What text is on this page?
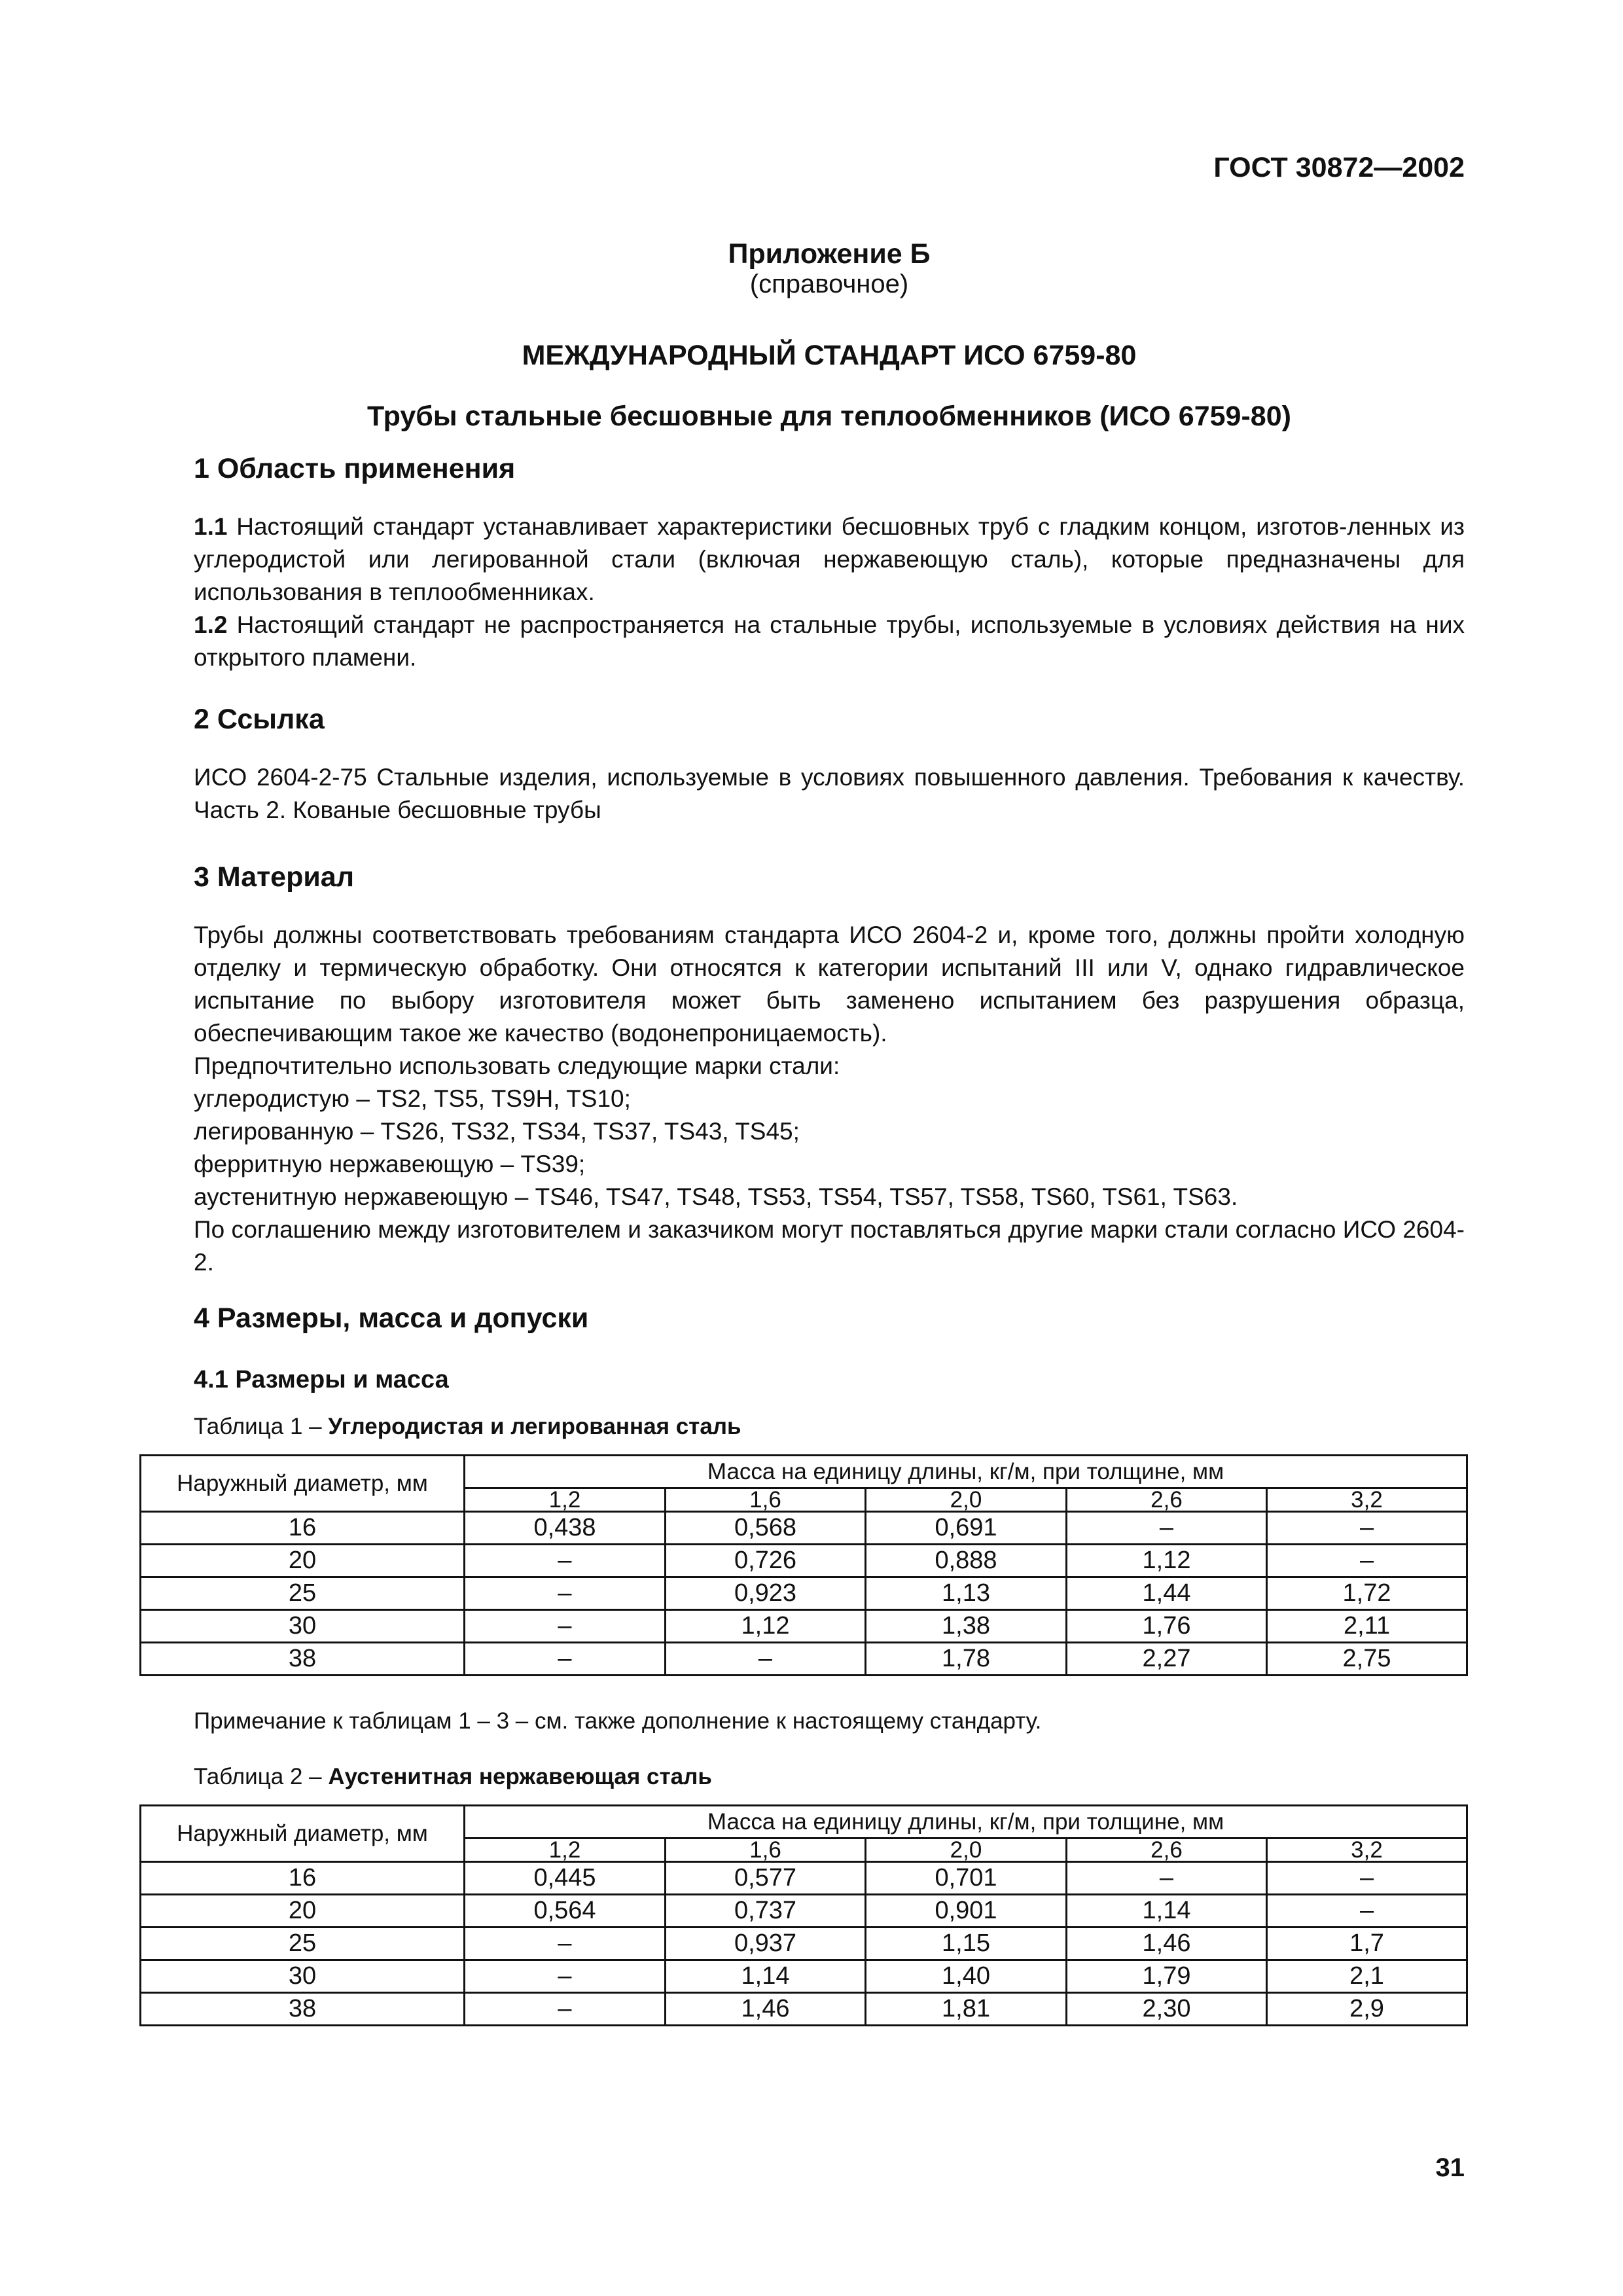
ГОСТ 30872—2002
Приложение Б
(справочное)
МЕЖДУНАРОДНЫЙ СТАНДАРТ ИСО 6759-80
Трубы стальные бесшовные для теплообменников (ИСО 6759-80)
1 Область применения

1.1 Настоящий стандарт устанавливает характеристики бесшовных труб с гладким концом, изготов-ленных из углеродистой или легированной стали (включая нержавеющую сталь), которые предназначены для использования в теплообменниках.

1.2 Настоящий стандарт не распространяется на стальные трубы, используемые в условиях действия на них открытого пламени.

2 Ссылка
ИСО 2604-2-75 Стальные изделия, используемые в условиях повышенного давления. Требования к качеству. Часть 2. Кованые бесшовные трубы
3 Материал

Трубы должны соответствовать требованиям стандарта ИСО 2604-2 и, кроме того, должны пройти холодную отделку и термическую обработку. Они относятся к категории испытаний III или V, однако гидравлическое испытание по выбору изготовителя может быть заменено испытанием без разрушения образца, обеспечивающим такое же качество (водонепроницаемость).

Предпочтительно использовать следующие марки стали:

углеродистую – TS2, TS5, TS9H, TS10;

легированную – TS26, TS32, TS34, TS37, TS43, TS45;

ферритную нержавеющую – TS39;

аустенитную нержавеющую – TS46, TS47, TS48, TS53, TS54, TS57, TS58, TS60, TS61, TS63.

По соглашению между изготовителем и заказчиком могут поставляться другие марки стали согласно ИСО 2604-2.

4 Размеры, масса и допуски
4.1 Размеры и масса
Таблица 1 – Углеродистая и легированная сталь
Наружный диаметр, мм	Масса на единицу длины, кг/м, при толщине, мм				
	1,2	1,6	2,0	2,6	3,2
16	0,438	0,568	0,691	–	–
20	–	0,726	0,888	1,12	–
25	–	0,923	1,13	1,44	1,72
30	–	1,12	1,38	1,76	2,11
38	–	–	1,78	2,27	2,75
Примечание к таблицам 1 – 3 – см. также дополнение к настоящему стандарту.
Таблица 2 – Аустенитная нержавеющая сталь
Наружный диаметр, мм	Масса на единицу длины, кг/м, при толщине, мм				
	1,2	1,6	2,0	2,6	3,2
16	0,445	0,577	0,701	–	–
20	0,564	0,737	0,901	1,14	–
25	–	0,937	1,15	1,46	1,7
30	–	1,14	1,40	1,79	2,1
38	–	1,46	1,81	2,30	2,9
31
